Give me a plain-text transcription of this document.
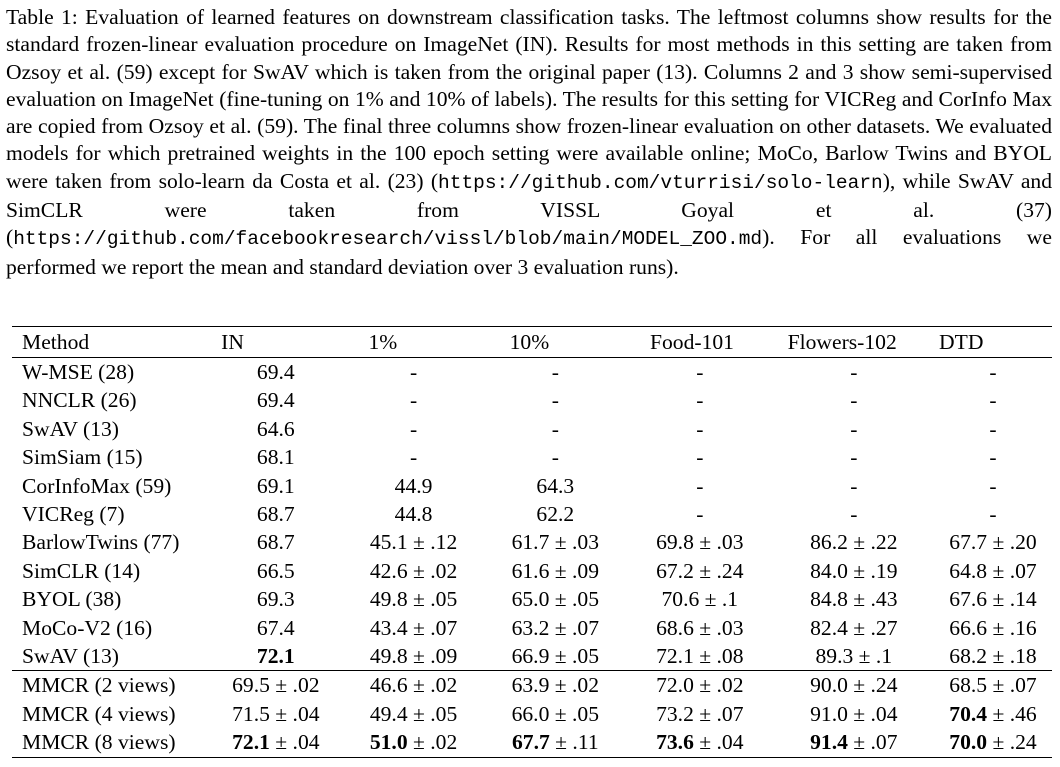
Table 1: Evaluation of learned features on downstream classification tasks. The leftmost columns show results for the standard frozen-linear evaluation procedure on ImageNet (IN). Results for most methods in this setting are taken from Ozsoy et al. (59) except for SwAV which is taken from the original paper (13). Columns 2 and 3 show semi-supervised evaluation on ImageNet (fine-tuning on 1% and 10% of labels). The results for this setting for VICReg and CorInfo Max are copied from Ozsoy et al. (59). The final three columns show frozen-linear evaluation on other datasets. We evaluated models for which pretrained weights in the 100 epoch setting were available online; MoCo, Barlow Twins and BYOL were taken from solo-learn da Costa et al. (23) (https://github.com/vturrisi/solo-learn), while SwAV and SimCLR were taken from VISSL Goyal et al. (37) (https://github.com/facebookresearch/vissl/blob/main/MODEL_ZOO.md). For all evaluations we performed we report the mean and standard deviation over 3 evaluation runs).
Method	IN	1%	10%	Food-101	Flowers-102	DTD
W-MSE (28)	69.4	-	-	-	-	-
NNCLR (26)	69.4	-	-	-	-	-
SwAV (13)	64.6	-	-	-	-	-
SimSiam (15)	68.1	-	-	-	-	-
CorInfoMax (59)	69.1	44.9	64.3	-	-	-
VICReg (7)	68.7	44.8	62.2	-	-	-
BarlowTwins (77)	68.7	45.1 ± .12	61.7 ± .03	69.8 ± .03	86.2 ± .22	67.7 ± .20
SimCLR (14)	66.5	42.6 ± .02	61.6 ± .09	67.2 ± .24	84.0 ± .19	64.8 ± .07
BYOL (38)	69.3	49.8 ± .05	65.0 ± .05	70.6 ± .1	84.8 ± .43	67.6 ± .14
MoCo-V2 (16)	67.4	43.4 ± .07	63.2 ± .07	68.6 ± .03	82.4 ± .27	66.6 ± .16
SwAV (13)	72.1	49.8 ± .09	66.9 ± .05	72.1 ± .08	89.3 ± .1	68.2 ± .18
MMCR (2 views)	69.5 ± .02	46.6 ± .02	63.9 ± .02	72.0 ± .02	90.0 ± .24	68.5 ± .07
MMCR (4 views)	71.5 ± .04	49.4 ± .05	66.0 ± .05	73.2 ± .07	91.0 ± .04	70.4 ± .46
MMCR (8 views)	72.1 ± .04	51.0 ± .02	67.7 ± .11	73.6 ± .04	91.4 ± .07	70.0 ± .24
